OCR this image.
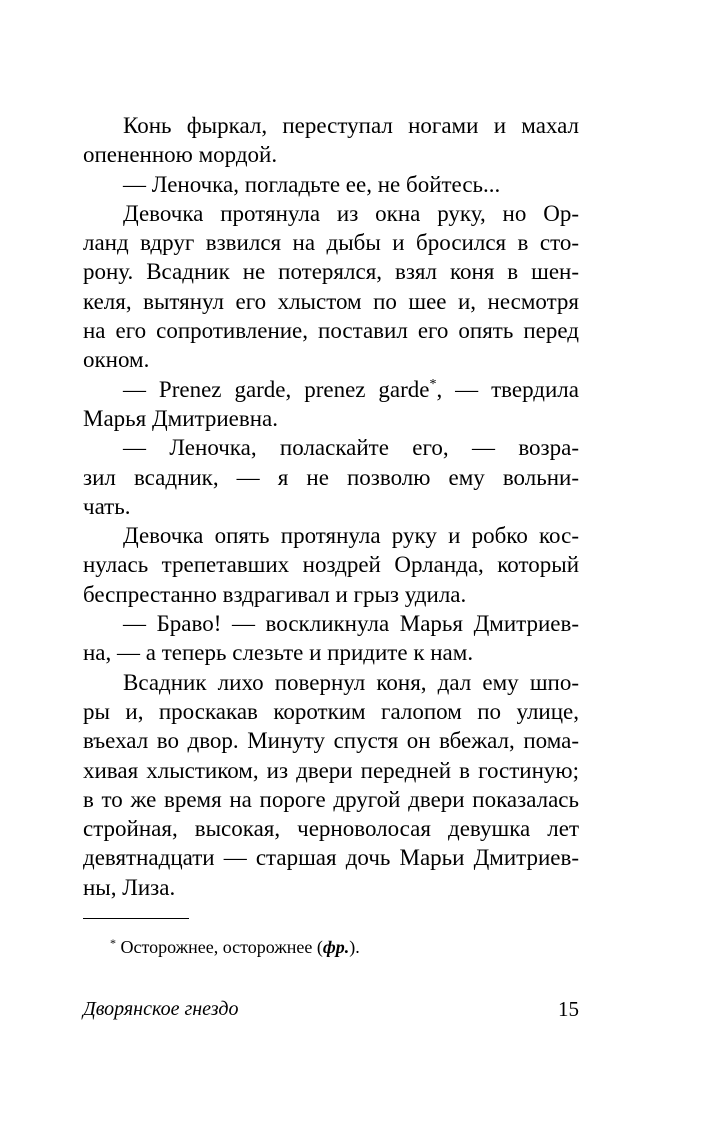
Конь фыркал, переступал ногами и махал
опененною мордой.
— Леночка, погладьте ее, не бойтесь...
Девочка протянула из окна руку, но Ор-
ланд вдруг взвился на дыбы и бросился в сто-
рону. Всадник не потерялся, взял коня в шен-
келя, вытянул его хлыстом по шее и, несмотря
на его сопротивление, поставил его опять перед
окном.
— Prenez garde, prenez garde*, — твердила
Марья Дмитриевна.
— Леночка, поласкайте его, — возра-
зил всадник, — я не позволю ему вольни-
чать.
Девочка опять протянула руку и робко кос-
нулась трепетавших ноздрей Орланда, который
беспрестанно вздрагивал и грыз удила.
— Браво! — воскликнула Марья Дмитриев-
на, — а теперь слезьте и придите к нам.
Всадник лихо повернул коня, дал ему шпо-
ры и, проскакав коротким галопом по улице,
въехал во двор. Минуту спустя он вбежал, пома-
хивая хлыстиком, из двери передней в гостиную;
в то же время на пороге другой двери показалась
стройная, высокая, черноволосая девушка лет
девятнадцати — старшая дочь Марьи Дмитриев-
ны, Лиза.
* Осторожнее, осторожнее (фр.).
Дворянское гнездо	15
